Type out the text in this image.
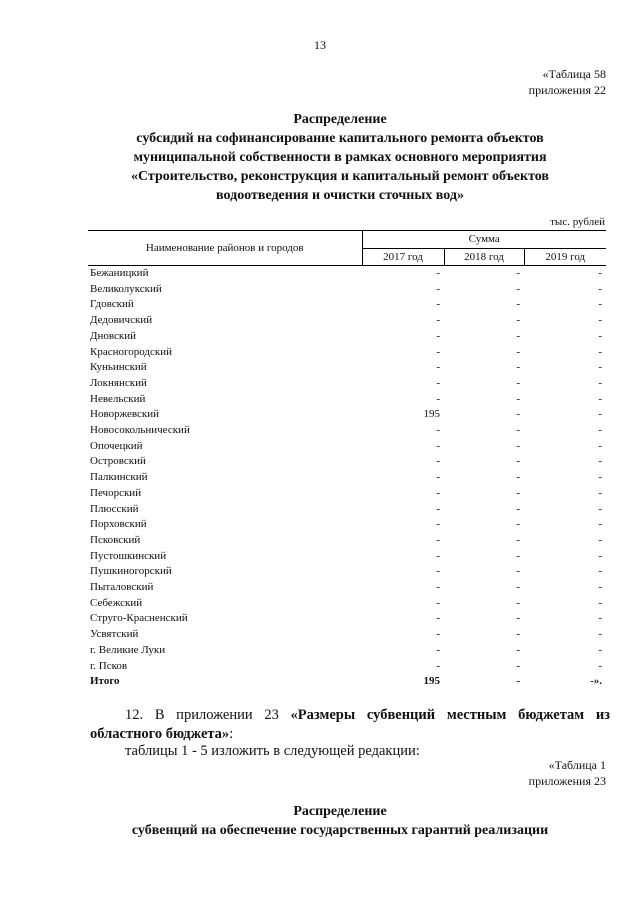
13
«Таблица 58
приложения 22
Распределение
субсидий на софинансирование капитального ремонта объектов
муниципальной собственности в рамках основного мероприятия
«Строительство, реконструкция и капитальный ремонт объектов
водоотведения и очистки сточных вод»
тыс. рублей
Наименование районов и городов	Сумма		
	2017 год	2018 год	2019 год
Бежаницкий	-	-	-
Великолукский	-	-	-
Гдовский	-	-	-
Дедовичский	-	-	-
Дновский	-	-	-
Красногородский	-	-	-
Куньинский	-	-	-
Локнянский	-	-	-
Невельский	-	-	-
Новоржевский	195	-	-
Новосокольнический	-	-	-
Опочецкий	-	-	-
Островский	-	-	-
Палкинский	-	-	-
Печорский	-	-	-
Плюсский	-	-	-
Порховский	-	-	-
Псковский	-	-	-
Пустошкинский	-	-	-
Пушкиногорский	-	-	-
Пыталовский	-	-	-
Себежский	-	-	-
Струго-Красненский	-	-	-
Усвятский	-	-	-
г. Великие Луки	-	-	-
г. Псков	-	-	-
Итого	195	-	-».
12. В приложении 23 «Размеры субвенций местным бюджетам из областного бюджета»:
таблицы 1 - 5 изложить в следующей редакции:
«Таблица 1
приложения 23
Распределение
субвенций на обеспечение государственных гарантий реализации
